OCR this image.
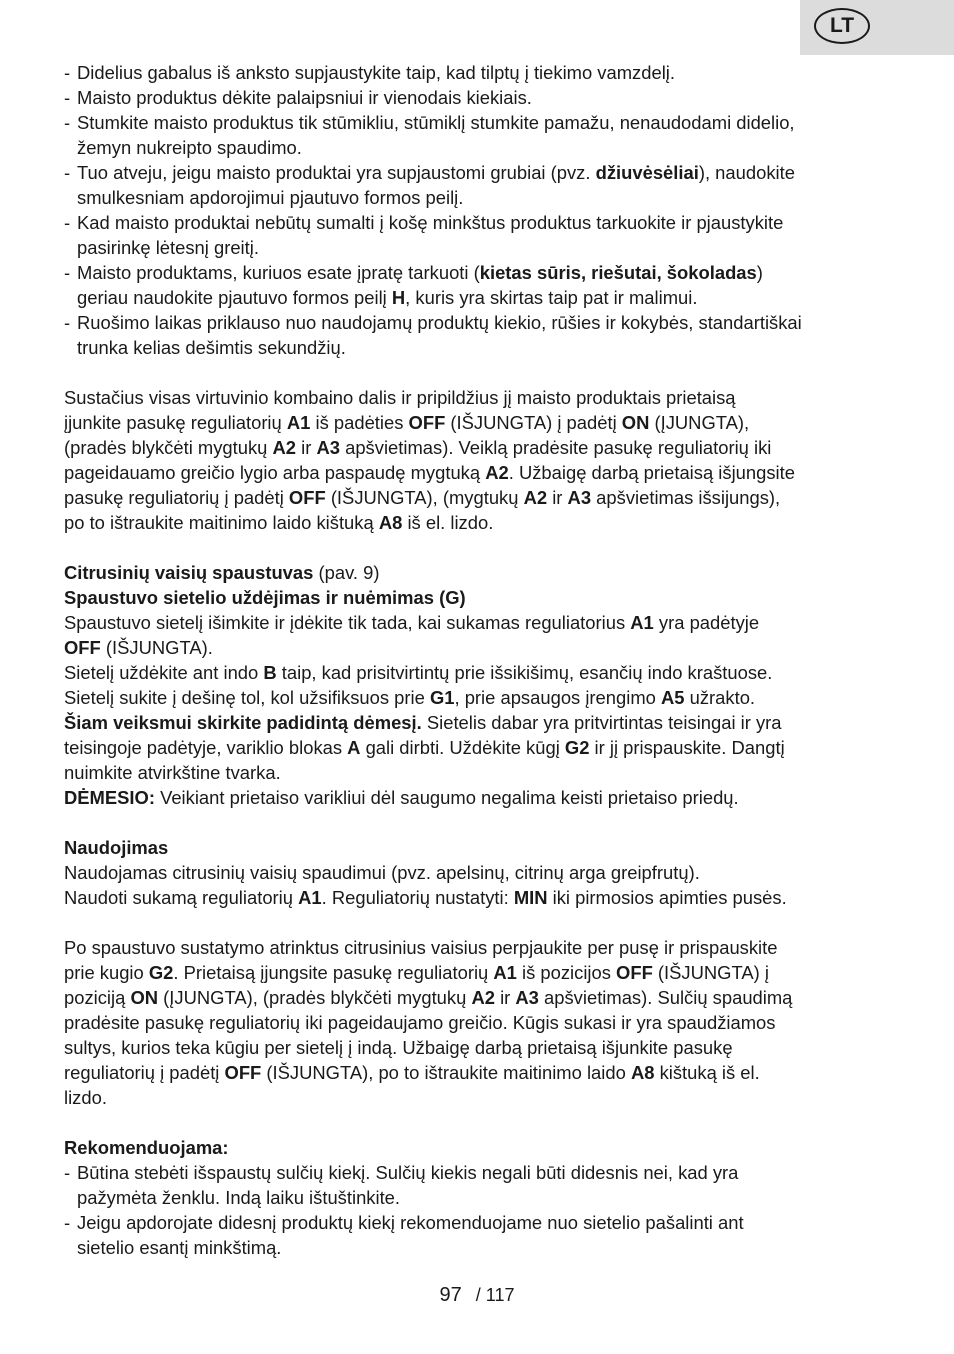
LT
- Didelius gabalus iš anksto supjaustykite taip, kad tilptų į tiekimo vamzdelį.
- Maisto produktus dėkite palaipsniui ir vienodais kiekiais.
- Stumkite maisto produktus tik stūmikliu, stūmiklį stumkite pamažu, nenaudodami didelio,
žemyn nukreipto spaudimo.
- Tuo atveju, jeigu maisto produktai yra supjaustomi grubiai (pvz. džiuvėsėliai), naudokite
smulkesniam apdorojimui pjautuvo formos peilį.
- Kad maisto produktai nebūtų sumalti į košę minkštus produktus tarkuokite ir pjaustykite
pasirinkę lėtesnį greitį.
- Maisto produktams, kuriuos esate įpratę tarkuoti (kietas sūris, riešutai, šokoladas)
geriau naudokite pjautuvo formos peilį H, kuris yra skirtas taip pat ir malimui.
- Ruošimo laikas priklauso nuo naudojamų produktų kiekio, rūšies ir kokybės, standartiškai
trunka kelias dešimtis sekundžių.
Sustačius visas virtuvinio kombaino dalis ir pripildžius jį maisto produktais prietaisą
įjunkite pasukę reguliatorių A1 iš padėties OFF (IŠJUNGTA) į padėtį ON (ĮJUNGTA),
(pradės blykčėti mygtukų A2 ir A3 apšvietimas). Veiklą pradėsite pasukę reguliatorių iki
pageidauamo greičio lygio arba paspaudę mygtuką A2. Užbaigę darbą prietaisą išjungsite
pasukę reguliatorių į padėtį OFF (IŠJUNGTA), (mygtukų A2 ir A3 apšvietimas išsijungs),
po to ištraukite maitinimo laido kištuką A8 iš el. lizdo.
Citrusinių vaisių spaustuvas (pav. 9)
Spaustuvo sietelio uždėjimas ir nuėmimas (G)
Spaustuvo sietelį išimkite ir įdėkite tik tada, kai sukamas reguliatorius A1 yra padėtyje
OFF (IŠJUNGTA).
Sietelį uždėkite ant indo B taip, kad prisitvirtintų prie išsikišimų, esančių indo kraštuose.
Sietelį sukite į dešinę tol, kol užsifiksuos prie G1, prie apsaugos įrengimo A5 užrakto.
Šiam veiksmui skirkite padidintą dėmesį. Sietelis dabar yra pritvirtintas teisingai ir yra
teisingoje padėtyje, variklio blokas A gali dirbti. Uždėkite kūgį G2 ir jį prispauskite. Dangtį
nuimkite atvirkštine tvarka.
DĖMESIO: Veikiant prietaiso varikliui dėl saugumo negalima keisti prietaiso priedų.
Naudojimas
Naudojamas citrusinių vaisių spaudimui (pvz. apelsinų, citrinų arga greipfrutų).
Naudoti sukamą reguliatorių A1. Reguliatorių nustatyti: MIN iki pirmosios apimties pusės.
Po spaustuvo sustatymo atrinktus citrusinius vaisius perpjaukite per pusę ir prispauskite
prie kugio G2. Prietaisą įjungsite pasukę reguliatorių A1 iš pozicijos OFF (IŠJUNGTA) į
poziciją ON (ĮJUNGTA), (pradės blykčėti mygtukų A2 ir A3 apšvietimas). Sulčių spaudimą
pradėsite pasukę reguliatorių iki pageidaujamo greičio. Kūgis sukasi ir yra spaudžiamos
sultys, kurios teka kūgiu per sietelį į indą. Užbaigę darbą prietaisą išjunkite pasukę
reguliatorių į padėtį OFF (IŠJUNGTA), po to ištraukite maitinimo laido A8 kištuką iš el.
lizdo.
Rekomenduojama:
- Būtina stebėti išspaustų sulčių kiekį. Sulčių kiekis negali būti didesnis nei, kad yra
pažymėta ženklu. Indą laiku ištuštinkite.
- Jeigu apdorojate didesnį produktų kiekį rekomenduojame nuo sietelio pašalinti ant
sietelio esantį minkštimą.
97 / 117
